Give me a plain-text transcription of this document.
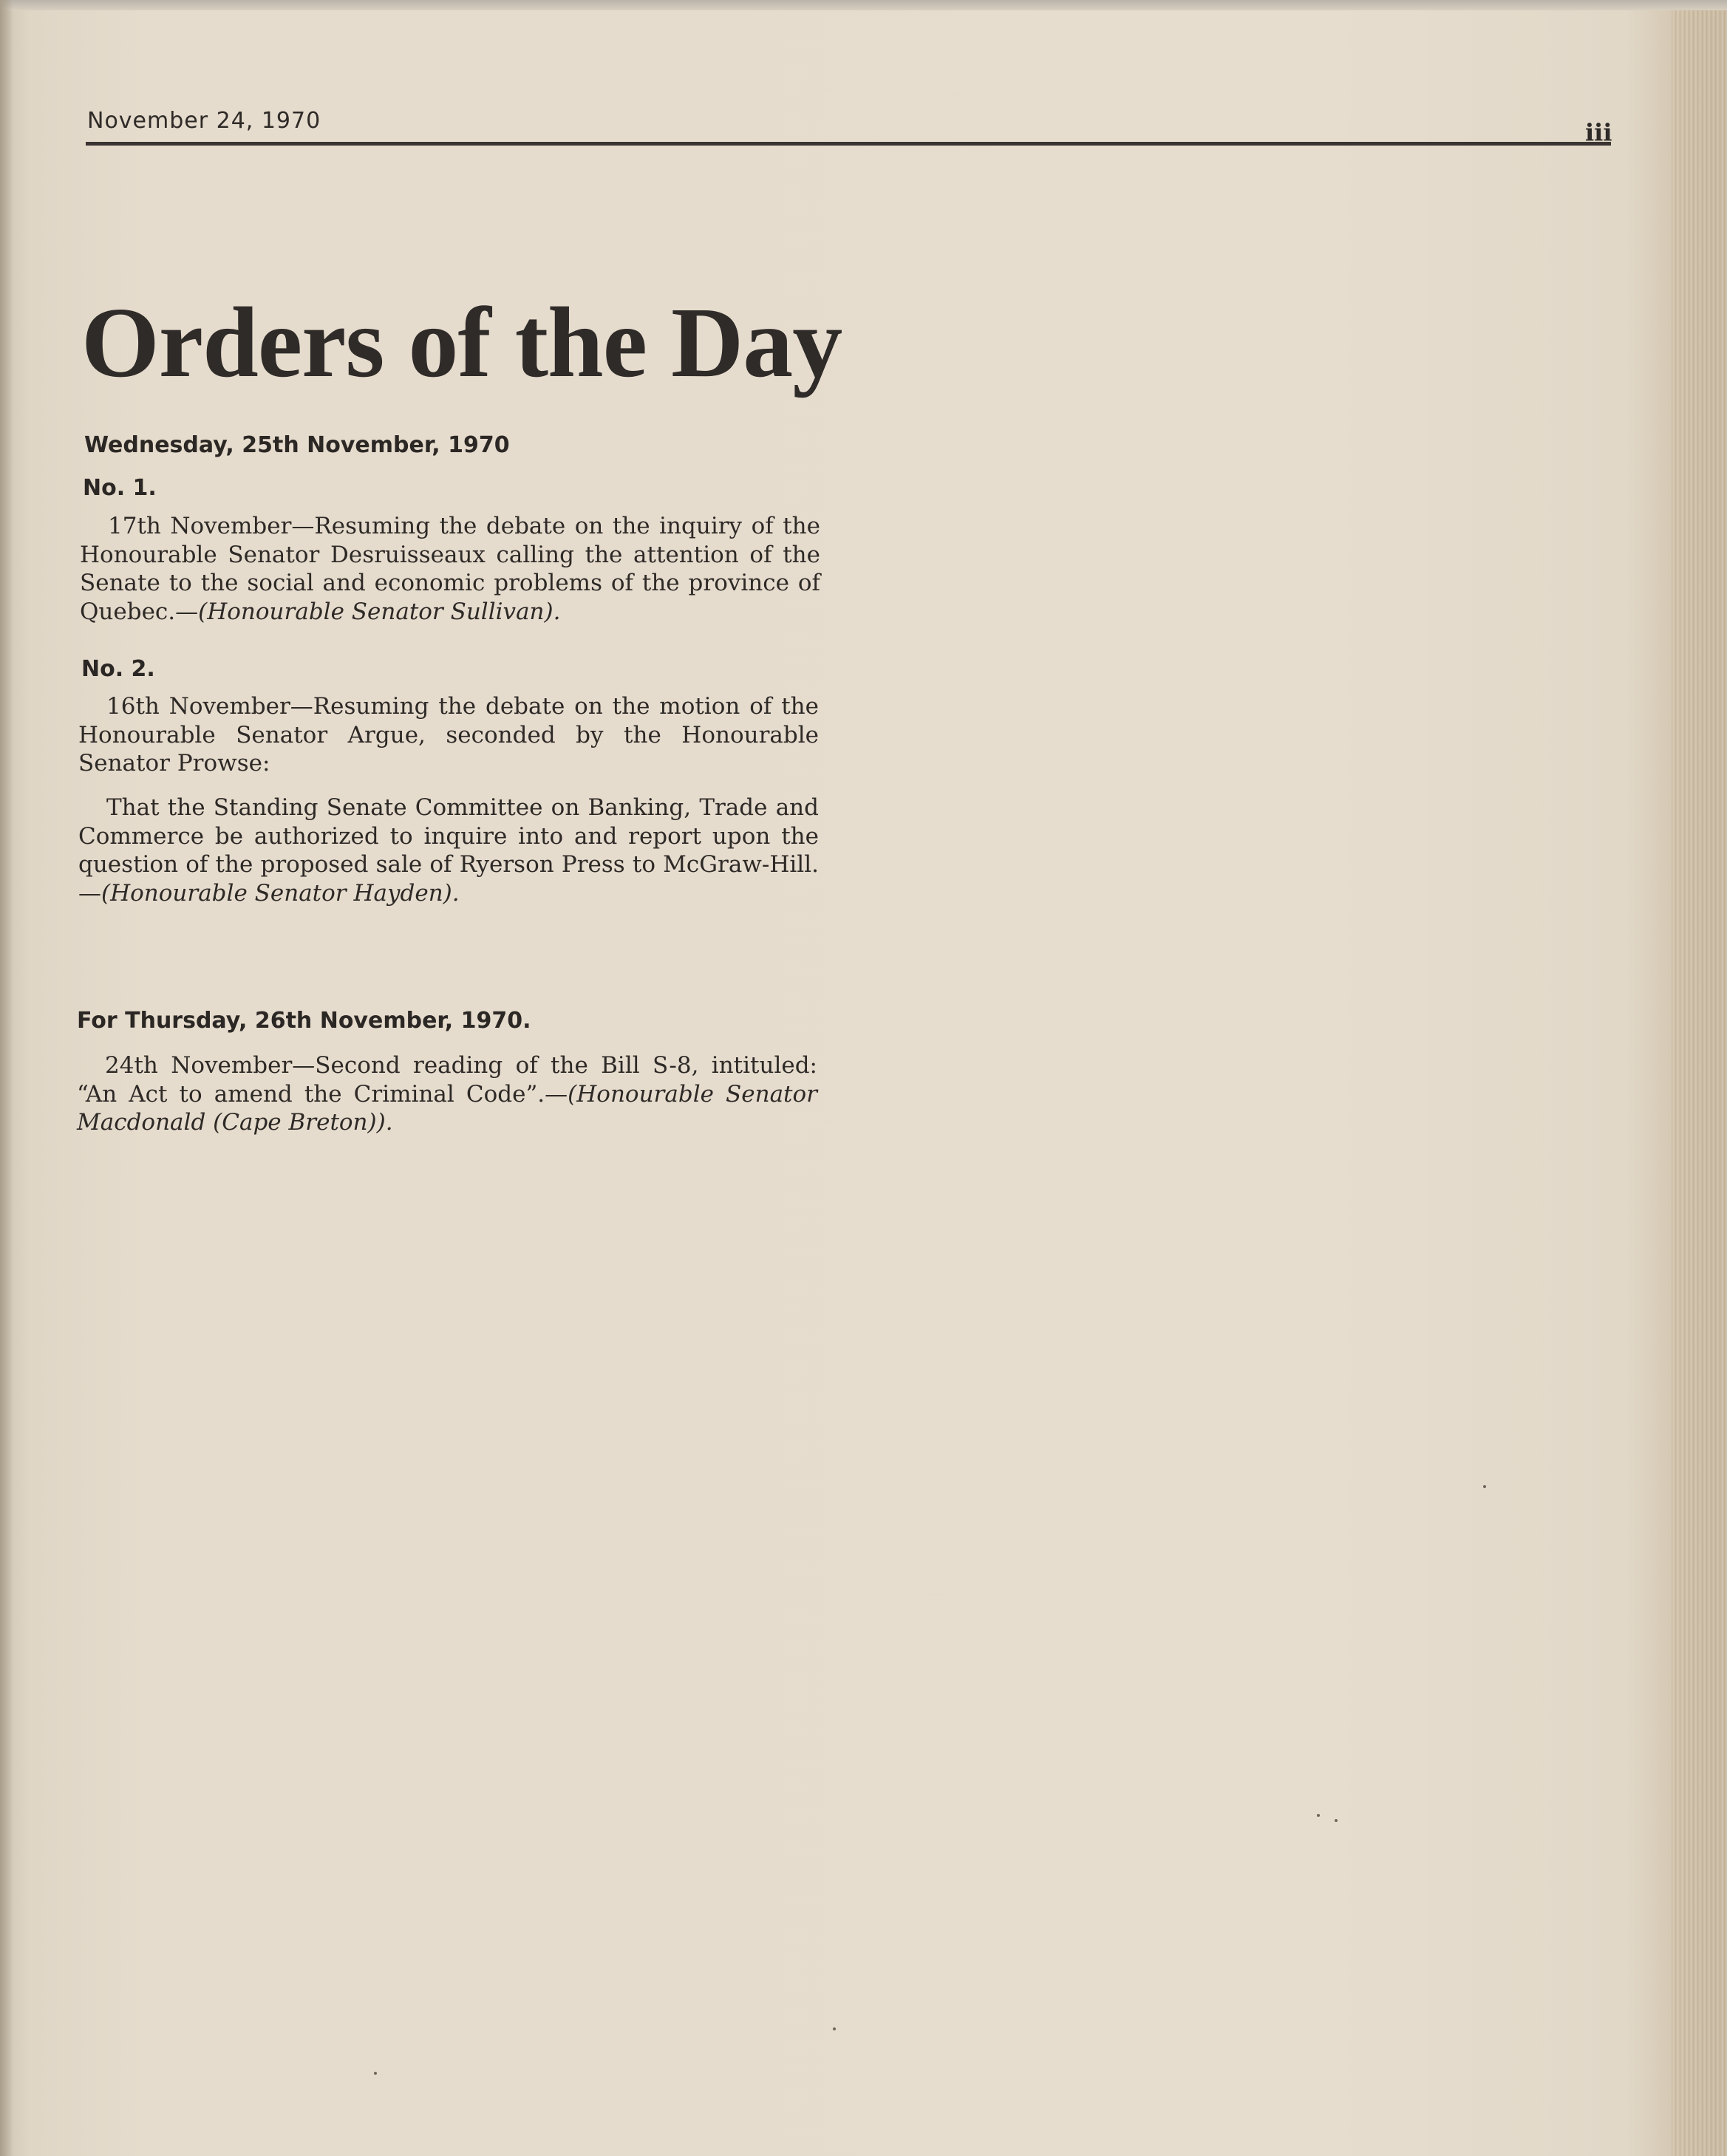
November 24, 1970	iii
Orders of the Day
Wednesday, 25th November, 1970
No. 1.
17th November—Resuming the debate on the inquiry of the Honourable Senator Desruisseaux calling the attention of the Senate to the social and economic problems of the province of Quebec.—(Honourable Senator Sullivan).
No. 2.
16th November—Resuming the debate on the motion of the Honourable Senator Argue, seconded by the Honourable Senator Prowse:
That the Standing Senate Committee on Banking, Trade and Commerce be authorized to inquire into and report upon the question of the proposed sale of Ryerson Press to McGraw-Hill.—(Honourable Senator Hayden).
For Thursday, 26th November, 1970.
24th November—Second reading of the Bill S-8, intituled: “An Act to amend the Criminal Code”.—(Honourable Senator Macdonald (Cape Breton)).
